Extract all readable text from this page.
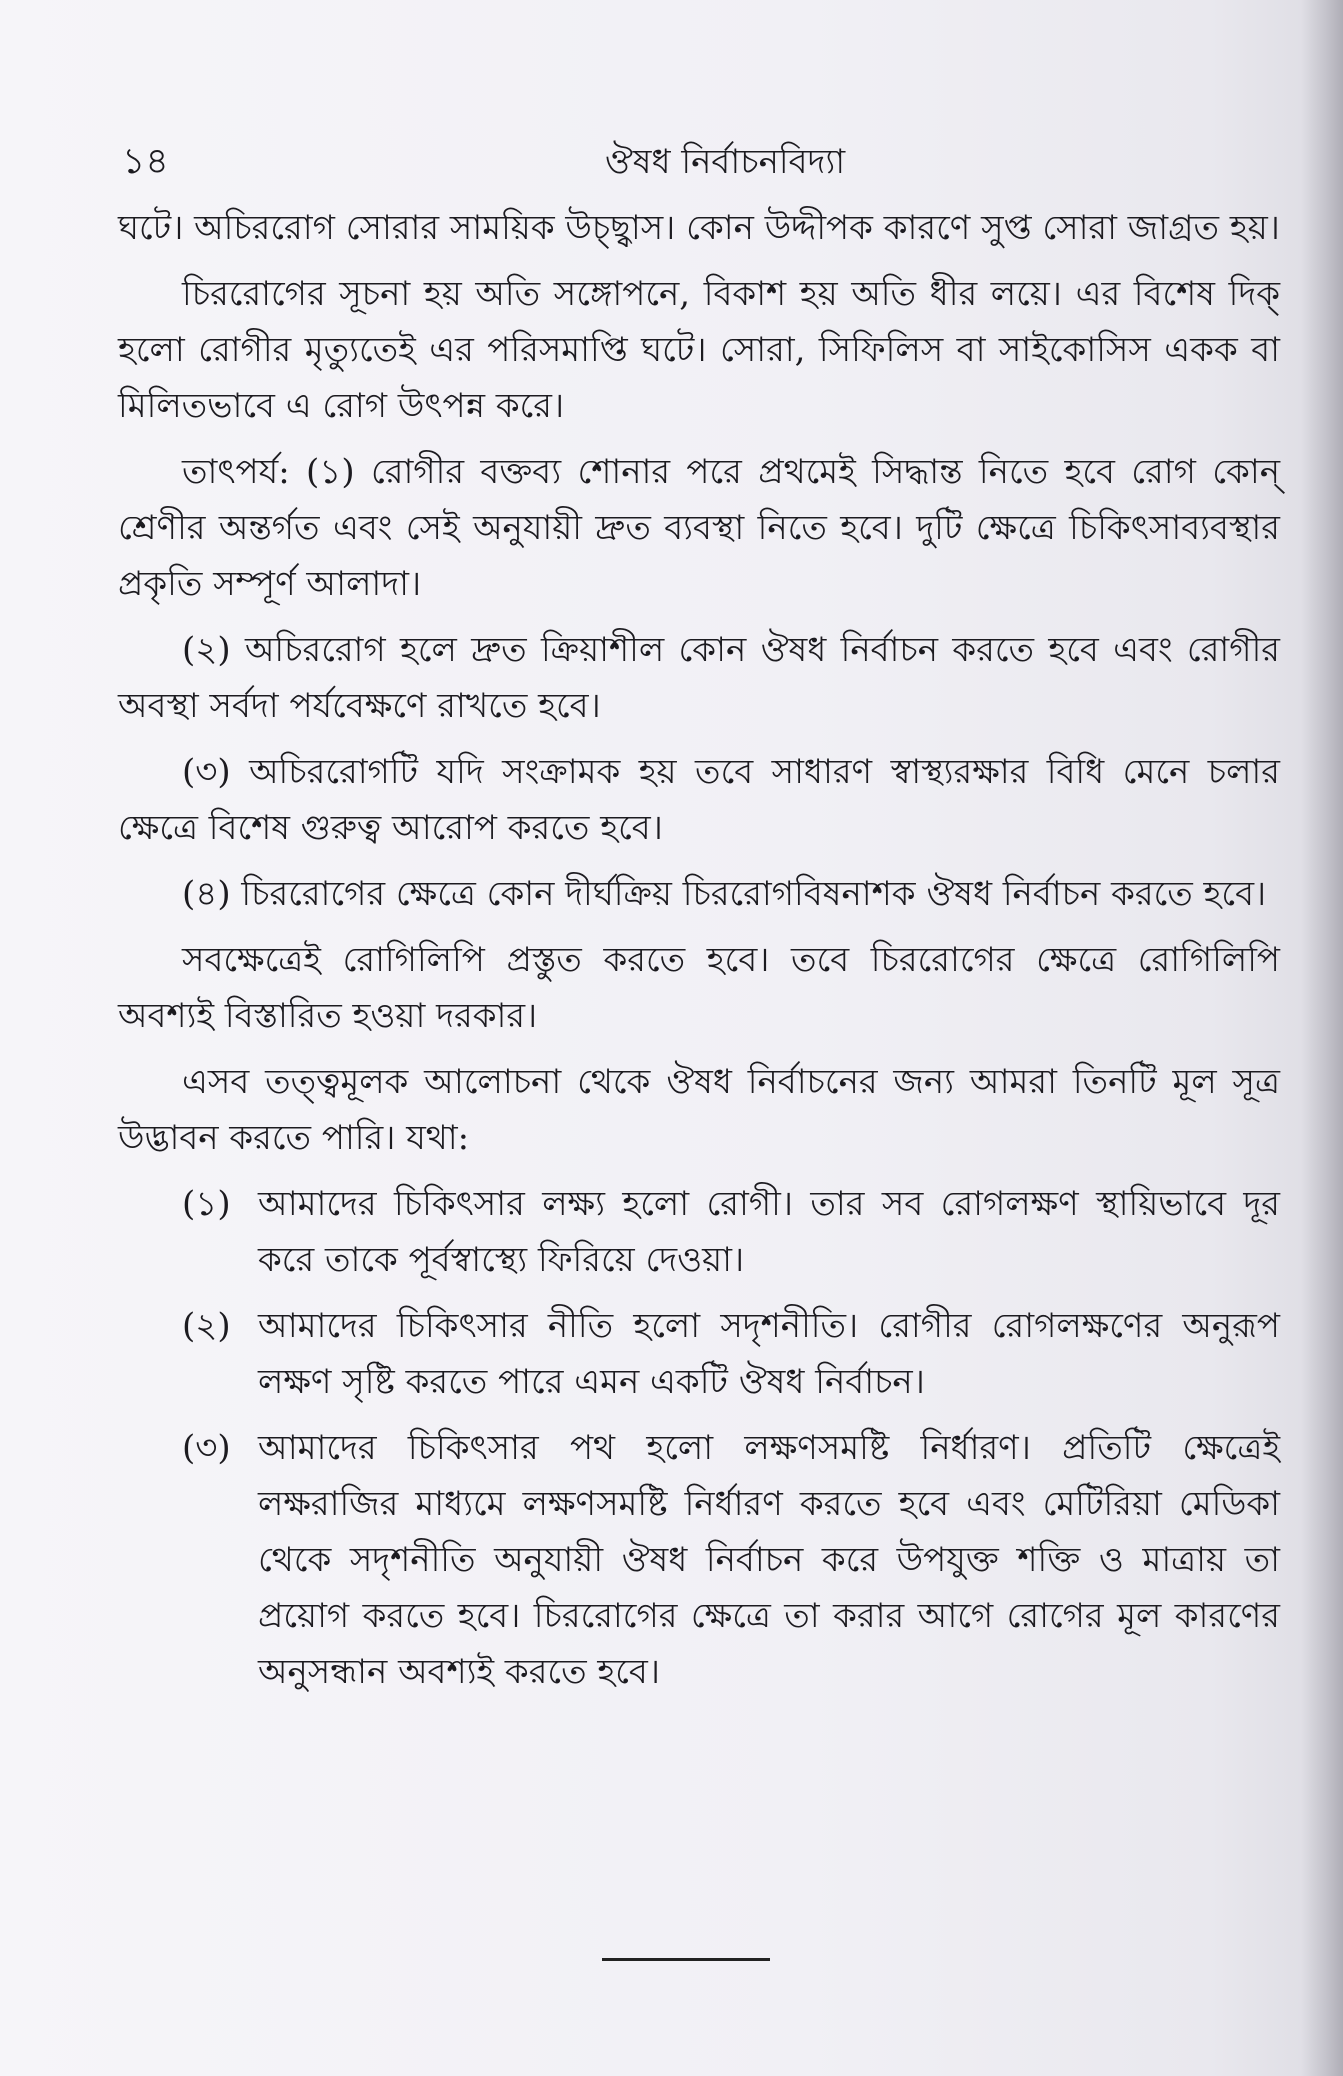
১৪	ঔষধ নির্বাচনবিদ্যা

ঘটে। অচিররোগ সোরার সাময়িক উচ্ছ্বাস। কোন উদ্দীপক কারণে সুপ্ত সোরা জাগ্রত হয়।

চিররোগের সূচনা হয় অতি সঙ্গোপনে, বিকাশ হয় অতি ধীর লয়ে। এর বিশেষ দিক্‌ হলো রোগীর মৃত্যুতেই এর পরিসমাপ্তি ঘটে। সোরা, সিফিলিস বা সাইকোসিস একক বা মিলিতভাবে এ রোগ উৎপন্ন করে।

তাৎপর্য: (১) রোগীর বক্তব্য শোনার পরে প্রথমেই সিদ্ধান্ত নিতে হবে রোগ কোন্‌ শ্রেণীর অন্তর্গত এবং সেই অনুযায়ী দ্রুত ব্যবস্থা নিতে হবে। দুটি ক্ষেত্রে চিকিৎসাব্যবস্থার প্রকৃতি সম্পূর্ণ আলাদা।

(২) অচিররোগ হলে দ্রুত ক্রিয়াশীল কোন ঔষধ নির্বাচন করতে হবে এবং রোগীর অবস্থা সর্বদা পর্যবেক্ষণে রাখতে হবে।

(৩) অচিররোগটি যদি সংক্রামক হয় তবে সাধারণ স্বাস্থ্যরক্ষার বিধি মেনে চলার ক্ষেত্রে বিশেষ গুরুত্ব আরোপ করতে হবে।

(৪) চিররোগের ক্ষেত্রে কোন দীর্ঘক্রিয় চিররোগবিষনাশক ঔষধ নির্বাচন করতে হবে।

সবক্ষেত্রেই রোগিলিপি প্রস্তুত করতে হবে। তবে চিররোগের ক্ষেত্রে রোগিলিপি অবশ্যই বিস্তারিত হওয়া দরকার।

এসব তত্ত্বমূলক আলোচনা থেকে ঔষধ নির্বাচনের জন্য আমরা তিনটি মূল সূত্র উদ্ভাবন করতে পারি। যথা:

(১) আমাদের চিকিৎসার লক্ষ্য হলো রোগী। তার সব রোগলক্ষণ স্থায়িভাবে দূর করে তাকে পূর্বস্বাস্থ্যে ফিরিয়ে দেওয়া।
(২) আমাদের চিকিৎসার নীতি হলো সদৃশনীতি। রোগীর রোগলক্ষণের অনুরূপ লক্ষণ সৃষ্টি করতে পারে এমন একটি ঔষধ নির্বাচন।
(৩) আমাদের চিকিৎসার পথ হলো লক্ষণসমষ্টি নির্ধারণ। প্রতিটি ক্ষেত্রেই লক্ষরাজির মাধ্যমে লক্ষণসমষ্টি নির্ধারণ করতে হবে এবং মেটিরিয়া মেডিকা থেকে সদৃশনীতি অনুযায়ী ঔষধ নির্বাচন করে উপযুক্ত শক্তি ও মাত্রায় তা প্রয়োগ করতে হবে। চিররোগের ক্ষেত্রে তা করার আগে রোগের মূল কারণের অনুসন্ধান অবশ্যই করতে হবে।
